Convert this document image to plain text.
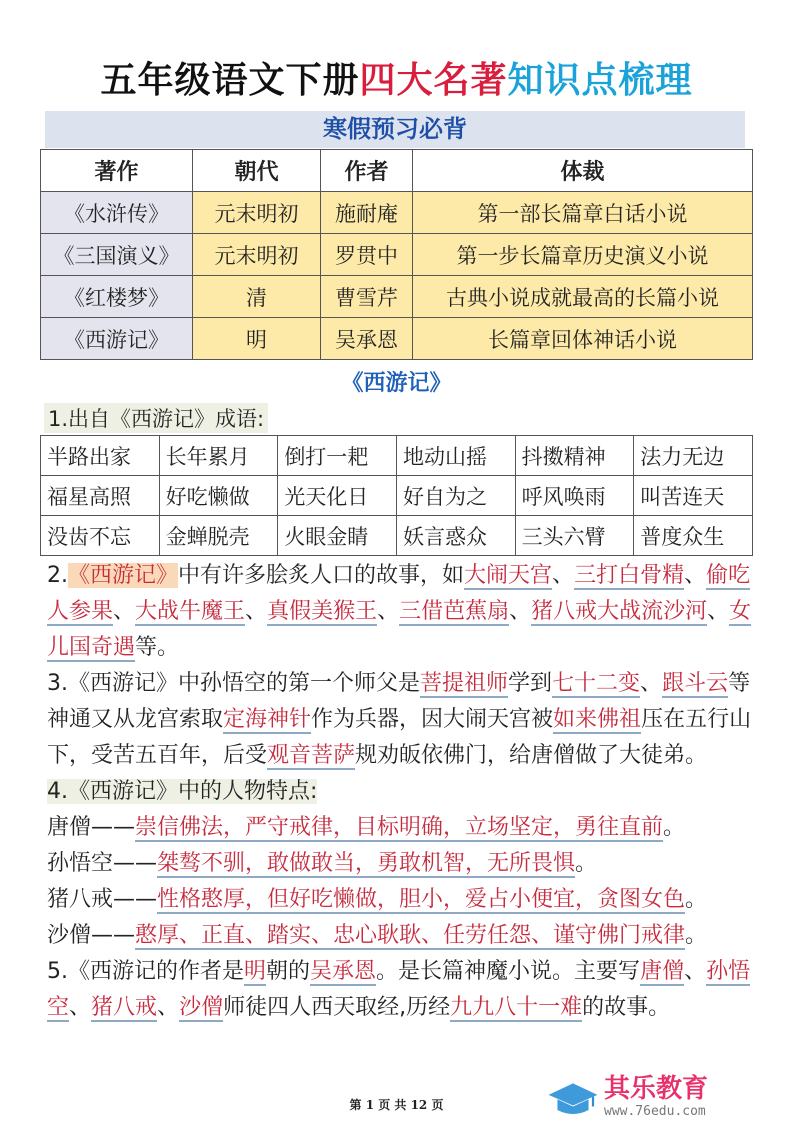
五年级语文下册四大名著知识点梳理
寒假预习必背
著作	朝代	作者	体裁
《水浒传》	元末明初	施耐庵	第一部长篇章白话小说
《三国演义》	元末明初	罗贯中	第一步长篇章历史演义小说
《红楼梦》	清	曹雪芹	古典小说成就最高的长篇小说
《西游记》	明	吴承恩	长篇章回体神话小说
《西游记》
1.出自《西游记》成语:
半路出家	长年累月	倒打一耙	地动山摇	抖擞精神	法力无边
福星高照	好吃懒做	光天化日	好自为之	呼风唤雨	叫苦连天
没齿不忘	金蝉脱壳	火眼金睛	妖言惑众	三头六臂	普度众生

2.《西游记》中有许多脍炙人口的故事，如大闹天宫、三打白骨精、偷吃人参果、大战牛魔王、真假美猴王、三借芭蕉扇、猪八戒大战流沙河、女儿国奇遇等。

3.《西游记》中孙悟空的第一个师父是菩提祖师学到七十二变、跟斗云等神通又从龙宫索取定海神针作为兵器，因大闹天宫被如来佛祖压在五行山下，受苦五百年，后受观音菩萨规劝皈依佛门，给唐僧做了大徒弟。

4.《西游记》中的人物特点:

唐僧——崇信佛法，严守戒律，目标明确，立场坚定，勇往直前。

孙悟空——桀骜不驯，敢做敢当，勇敢机智，无所畏惧。

猪八戒——性格憨厚，但好吃懒做，胆小，爱占小便宜，贪图女色。

沙僧——憨厚、正直、踏实、忠心耿耿、任劳任怨、谨守佛门戒律。

5.《西游记的作者是明朝的吴承恩。是长篇神魔小说。主要写唐僧、孙悟空、猪八戒、沙僧师徒四人西天取经,历经九九八十一难的故事。

第 1 页 共 12 页
其乐教育
www.76edu.com
